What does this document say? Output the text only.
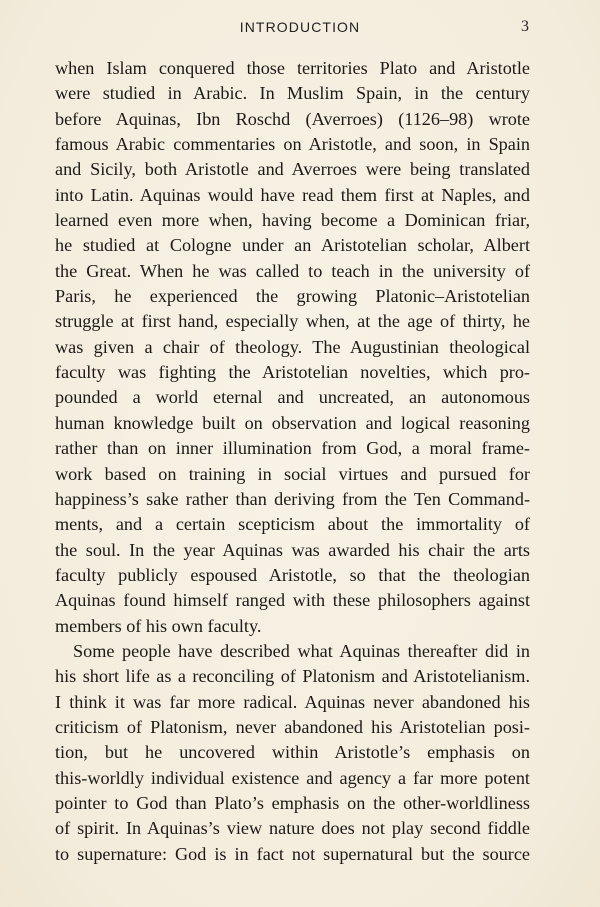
INTRODUCTION	3
when Islam conquered those territories Plato and Aristotle
were studied in Arabic. In Muslim Spain, in the century
before Aquinas, Ibn Roschd (Averroes) (1126–98) wrote
famous Arabic commentaries on Aristotle, and soon, in Spain
and Sicily, both Aristotle and Averroes were being translated
into Latin. Aquinas would have read them first at Naples, and
learned even more when, having become a Dominican friar,
he studied at Cologne under an Aristotelian scholar, Albert
the Great. When he was called to teach in the university of
Paris, he experienced the growing Platonic–Aristotelian
struggle at first hand, especially when, at the age of thirty, he
was given a chair of theology. The Augustinian theological
faculty was fighting the Aristotelian novelties, which pro-
pounded a world eternal and uncreated, an autonomous
human knowledge built on observation and logical reasoning
rather than on inner illumination from God, a moral frame-
work based on training in social virtues and pursued for
happiness’s sake rather than deriving from the Ten Command-
ments, and a certain scepticism about the immortality of
the soul. In the year Aquinas was awarded his chair the arts
faculty publicly espoused Aristotle, so that the theologian
Aquinas found himself ranged with these philosophers against
members of his own faculty.
Some people have described what Aquinas thereafter did in
his short life as a reconciling of Platonism and Aristotelianism.
I think it was far more radical. Aquinas never abandoned his
criticism of Platonism, never abandoned his Aristotelian posi-
tion, but he uncovered within Aristotle’s emphasis on
this-worldly individual existence and agency a far more potent
pointer to God than Plato’s emphasis on the other-worldliness
of spirit. In Aquinas’s view nature does not play second fiddle
to supernature: God is in fact not supernatural but the source
